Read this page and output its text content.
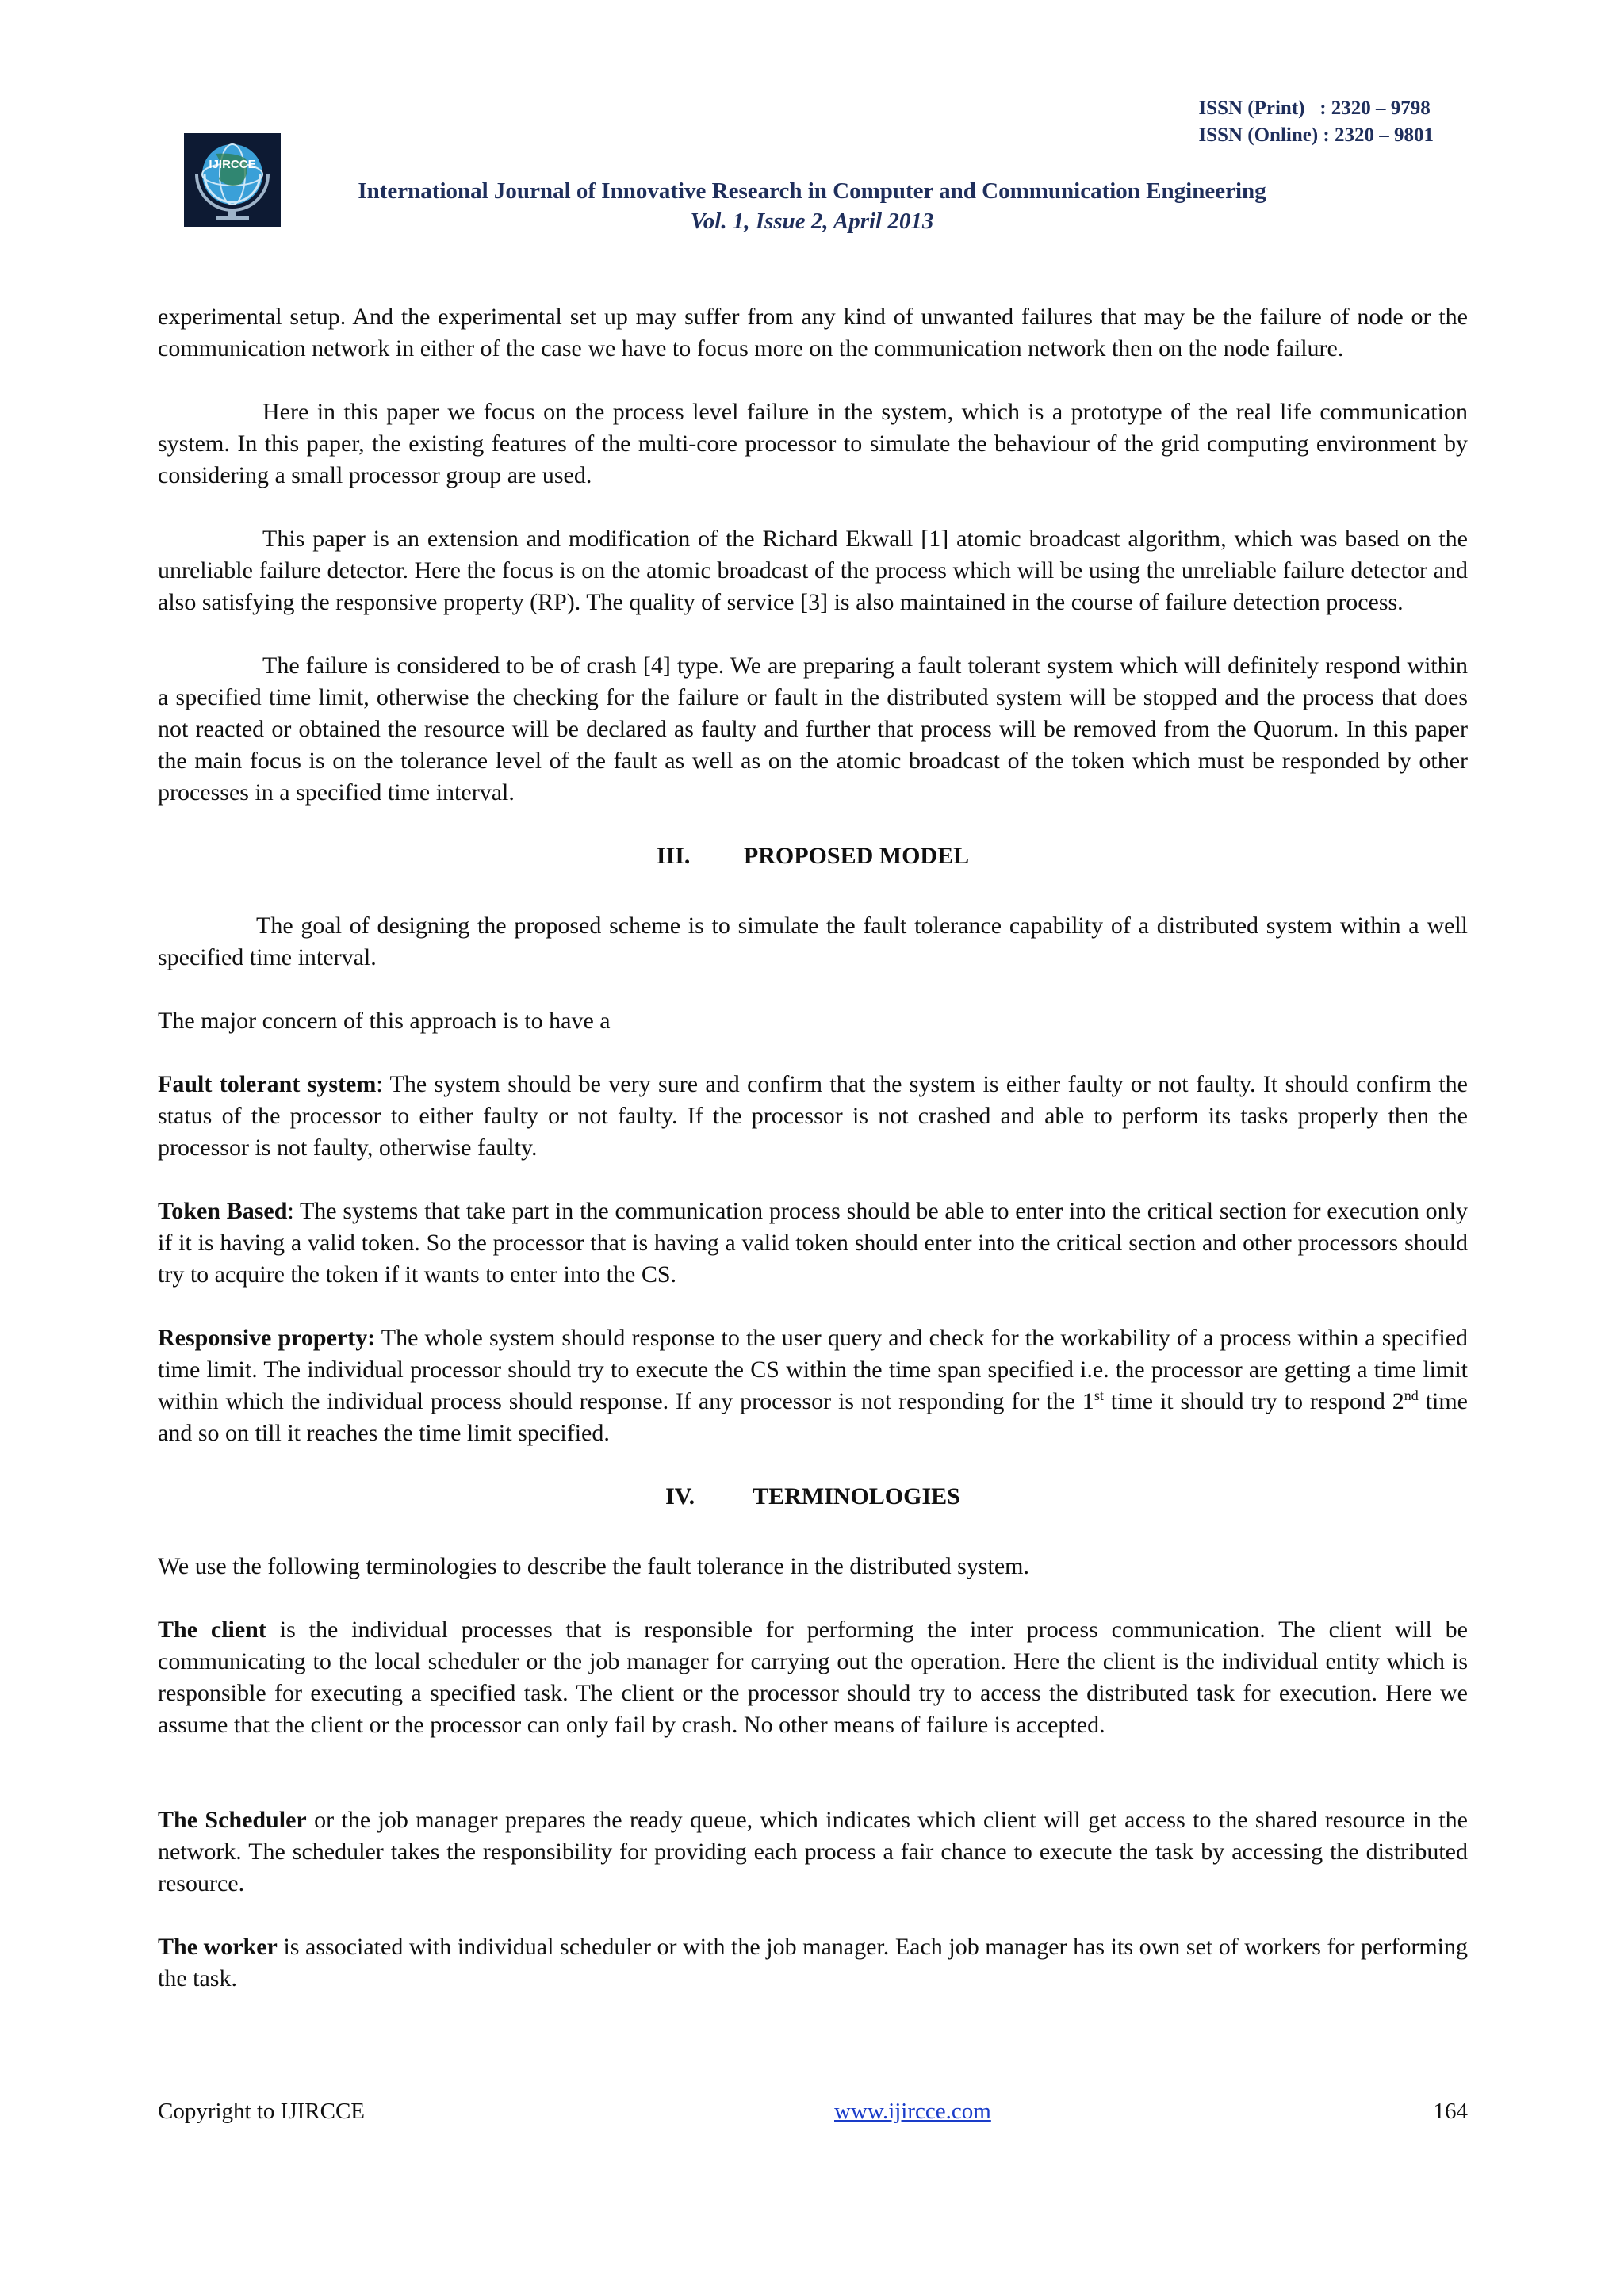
ISSN (Print)   : 2320 – 9798
ISSN (Online) : 2320 – 9801
IJIRCCE
International Journal of Innovative Research in Computer and Communication Engineering
Vol. 1, Issue 2, April 2013

experimental setup. And the experimental set up may suffer from any kind of unwanted failures that may be the failure of node or the communication network in either of the case we have to focus more on the communication network then on the node failure.

Here in this paper we focus on the process level failure in the system, which is a prototype of the real life communication system. In this paper, the existing features of the multi-core processor to simulate the behaviour of the grid computing environment by considering a small processor group are used.

This paper is an extension and modification of the Richard Ekwall [1] atomic broadcast algorithm, which was based on the unreliable failure detector. Here the focus is on the atomic broadcast of the process which will be using the unreliable failure detector and also satisfying the responsive property (RP). The quality of service [3] is also maintained in the course of failure detection process.

The failure is considered to be of crash [4] type. We are preparing a fault tolerant system which will definitely respond within a specified time limit, otherwise the checking for the failure or fault in the distributed system will be stopped and the process that does not reacted or obtained the resource will be declared as faulty and further that process will be removed from the Quorum. In this paper the main focus is on the tolerance level of the fault as well as on the atomic broadcast of the token which must be responded by other processes in a specified time interval.

III. PROPOSED MODEL

The goal of designing the proposed scheme is to simulate the fault tolerance capability of a distributed system within a well specified time interval.

The major concern of this approach is to have a

Fault tolerant system: The system should be very sure and confirm that the system is either faulty or not faulty. It should confirm the status of the processor to either faulty or not faulty. If the processor is not crashed and able to perform its tasks properly then the processor is not faulty, otherwise faulty.

Token Based: The systems that take part in the communication process should be able to enter into the critical section for execution only if it is having a valid token. So the processor that is having a valid token should enter into the critical section and other processors should try to acquire the token if it wants to enter into the CS.

Responsive property: The whole system should response to the user query and check for the workability of a process within a specified time limit. The individual processor should try to execute the CS within the time span specified i.e. the processor are getting a time limit within which the individual process should response. If any processor is not responding for the 1st time it should try to respond 2nd time and so on till it reaches the time limit specified.

IV. TERMINOLOGIES

We use the following terminologies to describe the fault tolerance in the distributed system.

The client is the individual processes that is responsible for performing the inter process communication. The client will be communicating to the local scheduler or the job manager for carrying out the operation. Here the client is the individual entity which is responsible for executing a specified task. The client or the processor should try to access the distributed task for execution. Here we assume that the client or the processor can only fail by crash. No other means of failure is accepted.

The Scheduler or the job manager prepares the ready queue, which indicates which client will get access to the shared resource in the network. The scheduler takes the responsibility for providing each process a fair chance to execute the task by accessing the distributed resource.

The worker is associated with individual scheduler or with the job manager. Each job manager has its own set of workers for performing the task.

Copyright to IJIRCCE	www.ijircce.com	164
